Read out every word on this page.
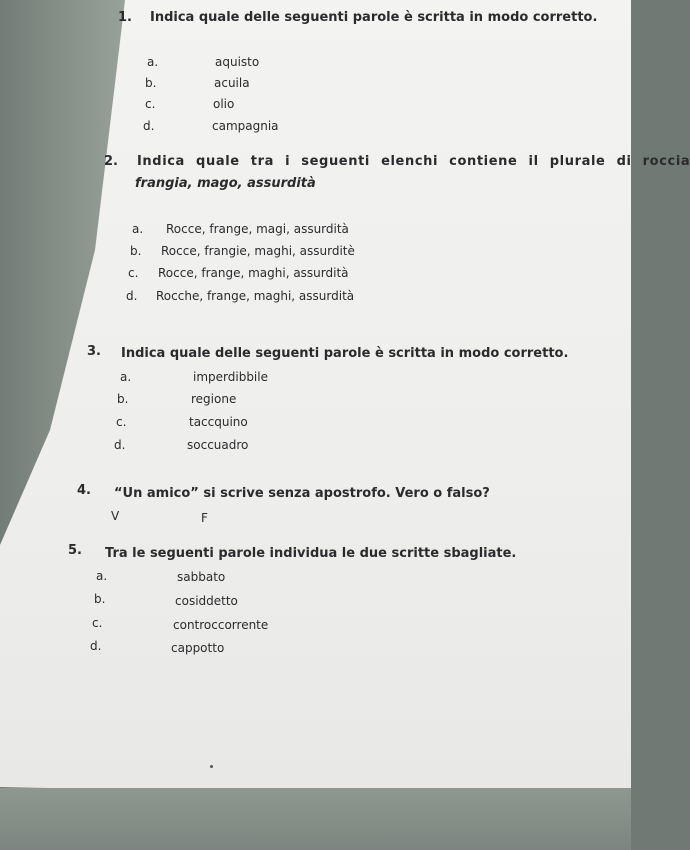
1. Indica quale delle seguenti parole è scritta in modo corretto.
a.	aquisto
b.	acuila
c.	olio
d.	campagnia
2. Indica quale tra i seguenti elenchi contiene il plurale di roccia
frangia, mago, assurdità
a. Rocce, frange, magi, assurdità
b. Rocce, frangie, maghi, assurditè
c. Rocce, frange, maghi, assurdità
d. Rocche, frange, maghi, assurdità
3. Indica quale delle seguenti parole è scritta in modo corretto.
a.	imperdibbile
b.	regione
c.	taccquino
d.	soccuadro
4. “Un amico” si scrive senza apostrofo. Vero o falso?
V	F
5. Tra le seguenti parole individua le due scritte sbagliate.
a.	sabbato
b.	cosiddetto
c.	controccorrente
d.	cappotto
